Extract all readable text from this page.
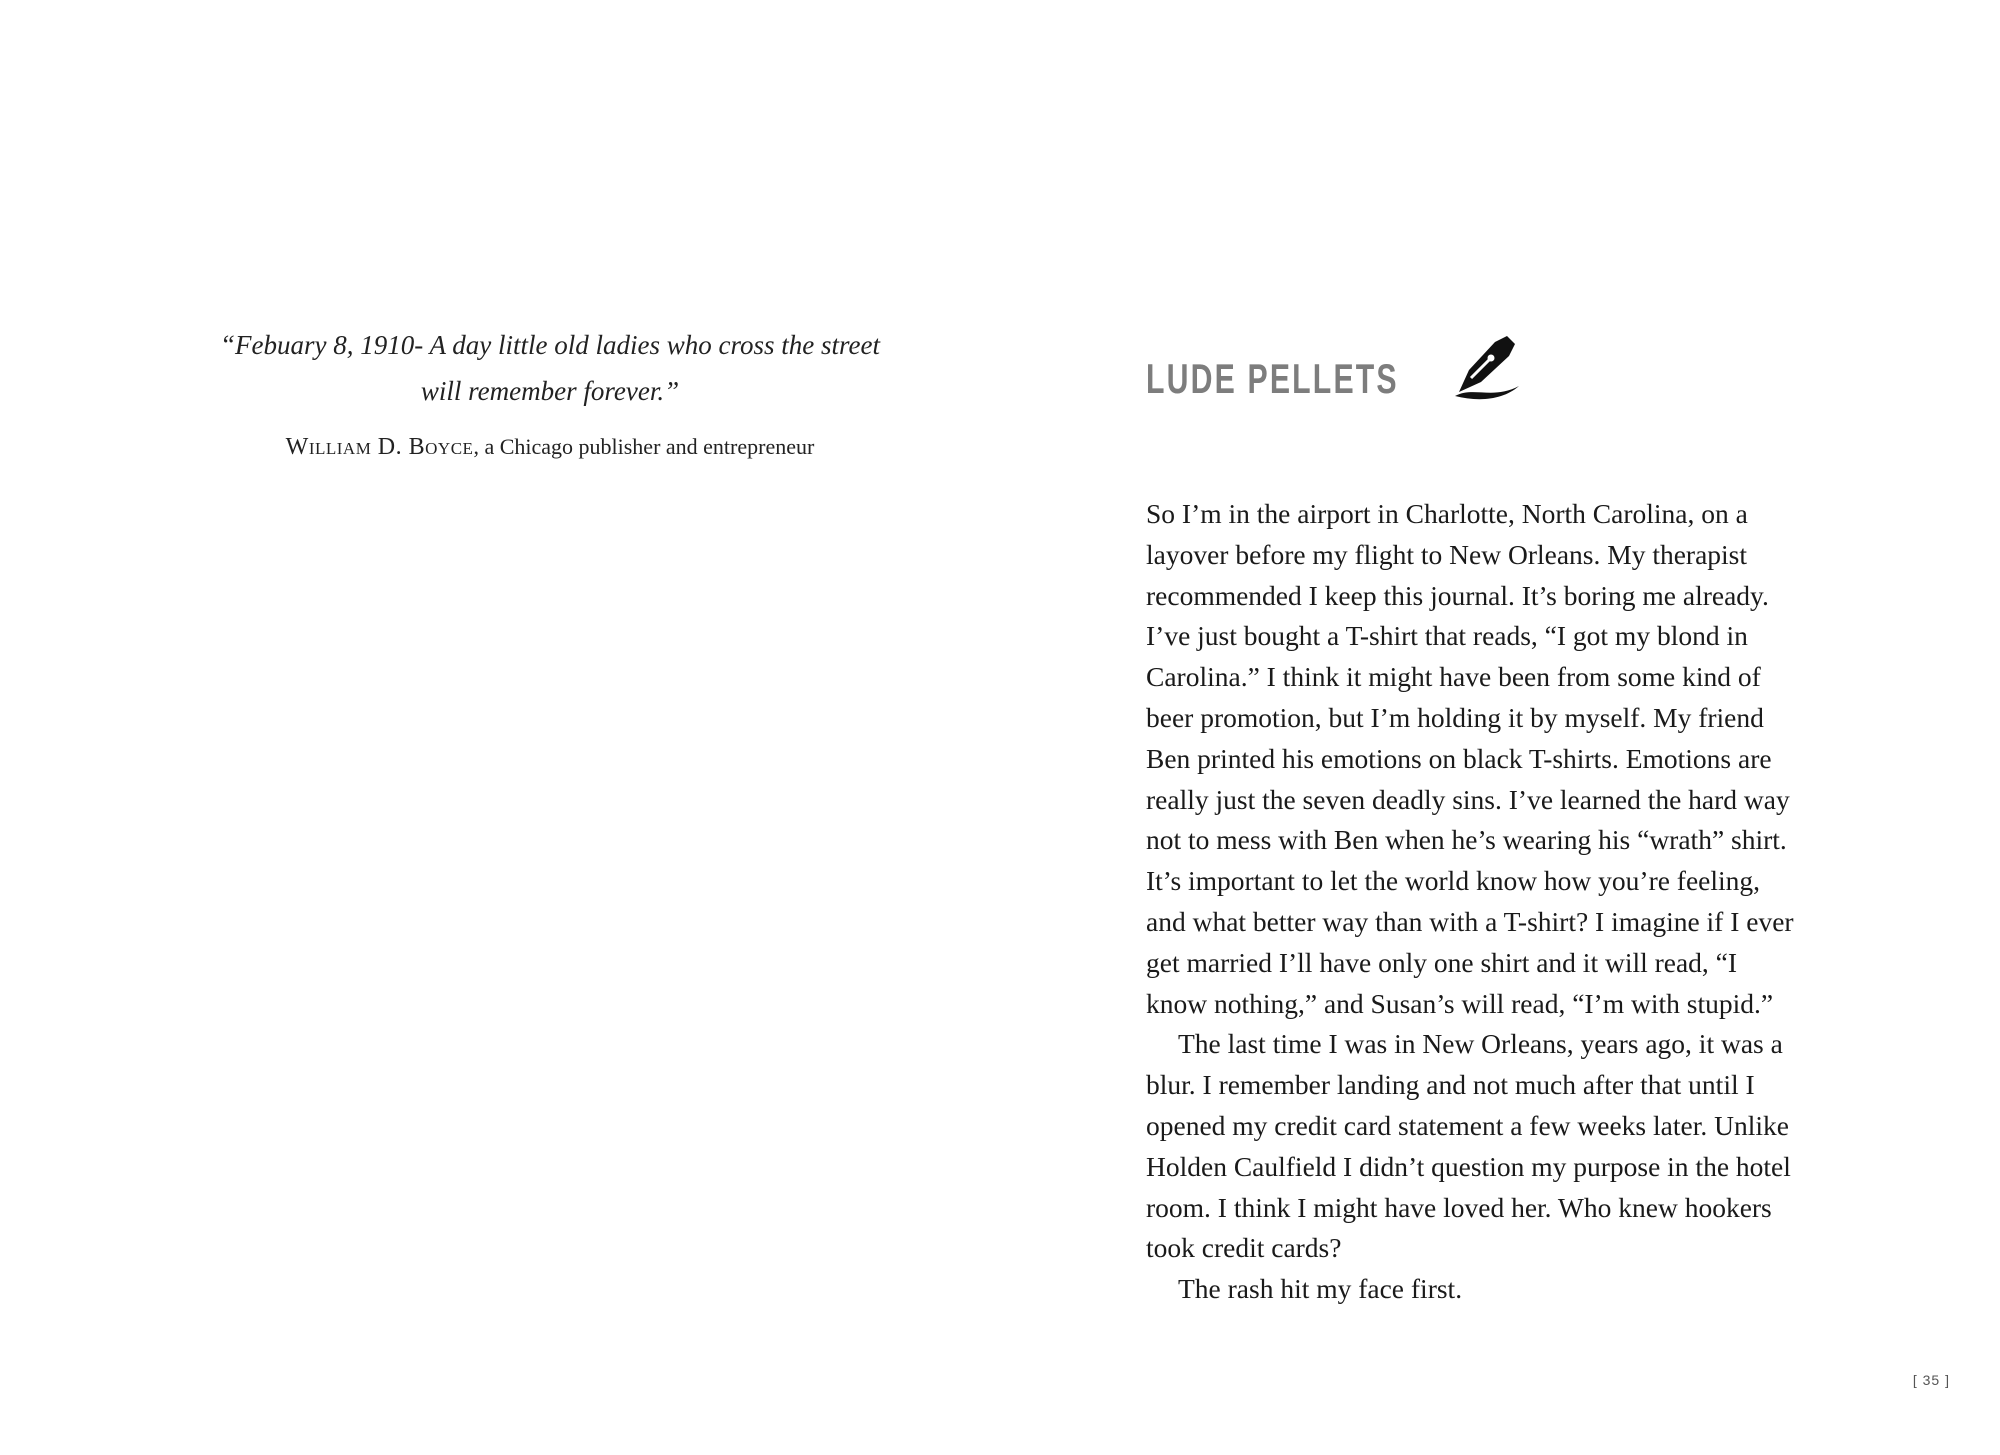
“Febuary 8, 1910- A day little old ladies who cross the street
will remember forever.”

William D. Boyce, a Chicago publisher and entrepreneur
LUDE PELLETS

So I’m in the airport in Charlotte, North Carolina, on a layover before my flight to New Orleans. My therapist recommended I keep this journal. It’s boring me already. I’ve just bought a T-shirt that reads, “I got my blond in Carolina.” I think it might have been from some kind of beer promotion, but I’m holding it by myself. My friend Ben printed his emotions on black T-shirts. Emotions are really just the seven deadly sins. I’ve learned the hard way not to mess with Ben when he’s wearing his “wrath” shirt. It’s important to let the world know how you’re feeling, and what better way than with a T-shirt? I imagine if I ever get married I’ll have only one shirt and it will read, “I know nothing,” and Susan’s will read, “I’m with stupid.”

The last time I was in New Orleans, years ago, it was a blur. I remember landing and not much after that until I opened my credit card statement a few weeks later. Unlike Holden Caulfield I didn’t question my purpose in the hotel room. I think I might have loved her. Who knew hookers took credit cards?

The rash hit my face first.

[ 35 ]
